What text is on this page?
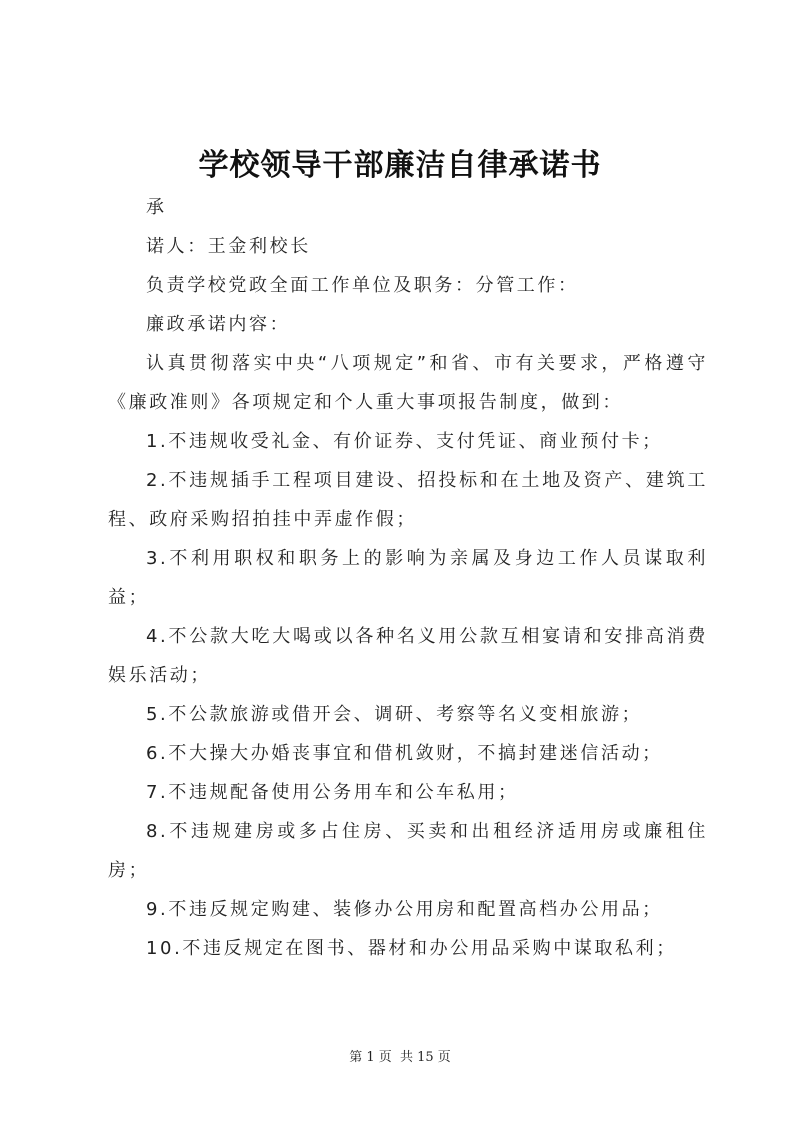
学校领导干部廉洁自律承诺书

承

诺人：王金利校长

负责学校党政全面工作单位及职务：分管工作：

廉政承诺内容：

认真贯彻落实中央“八项规定”和省、市有关要求，严格遵守《廉政准则》各项规定和个人重大事项报告制度，做到：

1.不违规收受礼金、有价证券、支付凭证、商业预付卡；

2.不违规插手工程项目建设、招投标和在土地及资产、建筑工程、政府采购招拍挂中弄虚作假；

3.不利用职权和职务上的影响为亲属及身边工作人员谋取利益；

4.不公款大吃大喝或以各种名义用公款互相宴请和安排高消费娱乐活动；

5.不公款旅游或借开会、调研、考察等名义变相旅游；

6.不大操大办婚丧事宜和借机敛财，不搞封建迷信活动；

7.不违规配备使用公务用车和公车私用；

8.不违规建房或多占住房、买卖和出租经济适用房或廉租住房；

9.不违反规定购建、装修办公用房和配置高档办公用品；

10.不违反规定在图书、器材和办公用品采购中谋取私利；

第 1 页  共 15 页
